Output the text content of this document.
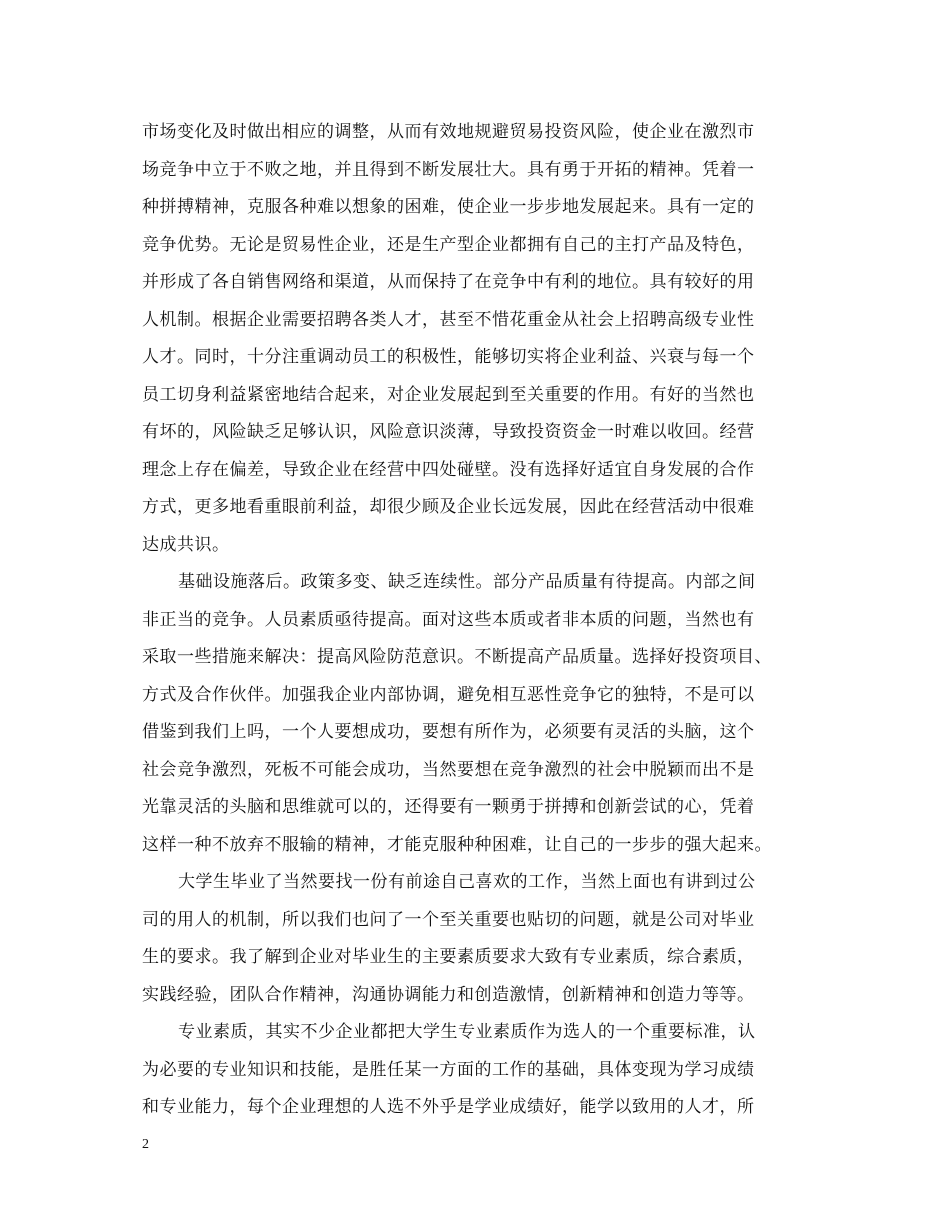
市场变化及时做出相应的调整，从而有效地规避贸易投资风险，使企业在激烈市
场竞争中立于不败之地，并且得到不断发展壮大。具有勇于开拓的精神。凭着一
种拼搏精神，克服各种难以想象的困难，使企业一步步地发展起来。具有一定的
竞争优势。无论是贸易性企业，还是生产型企业都拥有自己的主打产品及特色，
并形成了各自销售网络和渠道，从而保持了在竞争中有利的地位。具有较好的用
人机制。根据企业需要招聘各类人才，甚至不惜花重金从社会上招聘高级专业性
人才。同时，十分注重调动员工的积极性，能够切实将企业利益、兴衰与每一个
员工切身利益紧密地结合起来，对企业发展起到至关重要的作用。有好的当然也
有坏的，风险缺乏足够认识，风险意识淡薄，导致投资资金一时难以收回。经营
理念上存在偏差，导致企业在经营中四处碰壁。没有选择好适宜自身发展的合作
方式，更多地看重眼前利益，却很少顾及企业长远发展，因此在经营活动中很难
达成共识。
基础设施落后。政策多变、缺乏连续性。部分产品质量有待提高。内部之间
非正当的竞争。人员素质亟待提高。面对这些本质或者非本质的问题，当然也有
采取一些措施来解决：提高风险防范意识。不断提高产品质量。选择好投资项目、
方式及合作伙伴。加强我企业内部协调，避免相互恶性竞争它的独特，不是可以
借鉴到我们上吗，一个人要想成功，要想有所作为，必须要有灵活的头脑，这个
社会竞争激烈，死板不可能会成功，当然要想在竞争激烈的社会中脱颖而出不是
光靠灵活的头脑和思维就可以的，还得要有一颗勇于拼搏和创新尝试的心，凭着
这样一种不放弃不服输的精神，才能克服种种困难，让自己的一步步的强大起来。
大学生毕业了当然要找一份有前途自己喜欢的工作，当然上面也有讲到过公
司的用人的机制，所以我们也问了一个至关重要也贴切的问题，就是公司对毕业
生的要求。我了解到企业对毕业生的主要素质要求大致有专业素质，综合素质，
实践经验，团队合作精神，沟通协调能力和创造激情，创新精神和创造力等等。
专业素质，其实不少企业都把大学生专业素质作为选人的一个重要标准，认
为必要的专业知识和技能，是胜任某一方面的工作的基础，具体变现为学习成绩
和专业能力，每个企业理想的人选不外乎是学业成绩好，能学以致用的人才，所
2
